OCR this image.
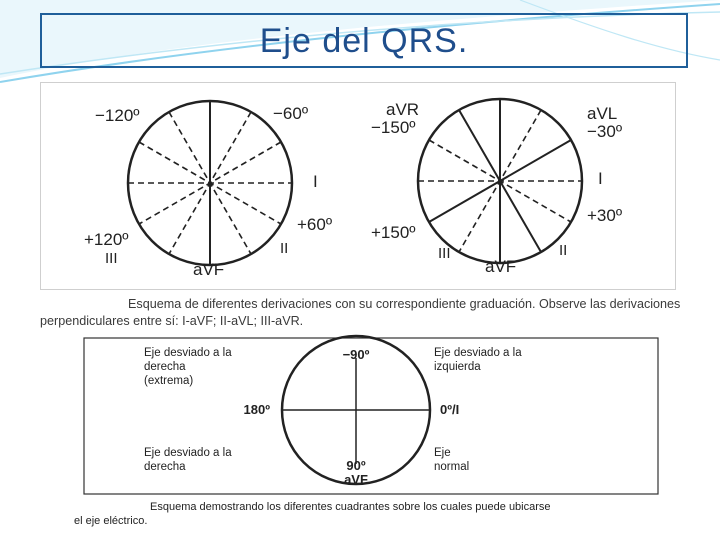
Eje del QRS.
−120º	−60º
I
+60º
+120º
III
aVF
II
aVR
−150º
aVL
−30º
I
+30º
+150º
III
aVF
II
Esquema de diferentes derivaciones con su correspondiente graduación. Observe las derivaciones perpendiculares entre sí: I-aVF; II-aVL; III-aVR.
Eje desviado a la derecha (extrema)
Eje desviado a la izquierda
Eje desviado a la derecha
Eje normal
−90º
180º	0º/I
90º
aVF
Esquema demostrando los diferentes cuadrantes sobre los cuales puede ubicarse el eje eléctrico.
